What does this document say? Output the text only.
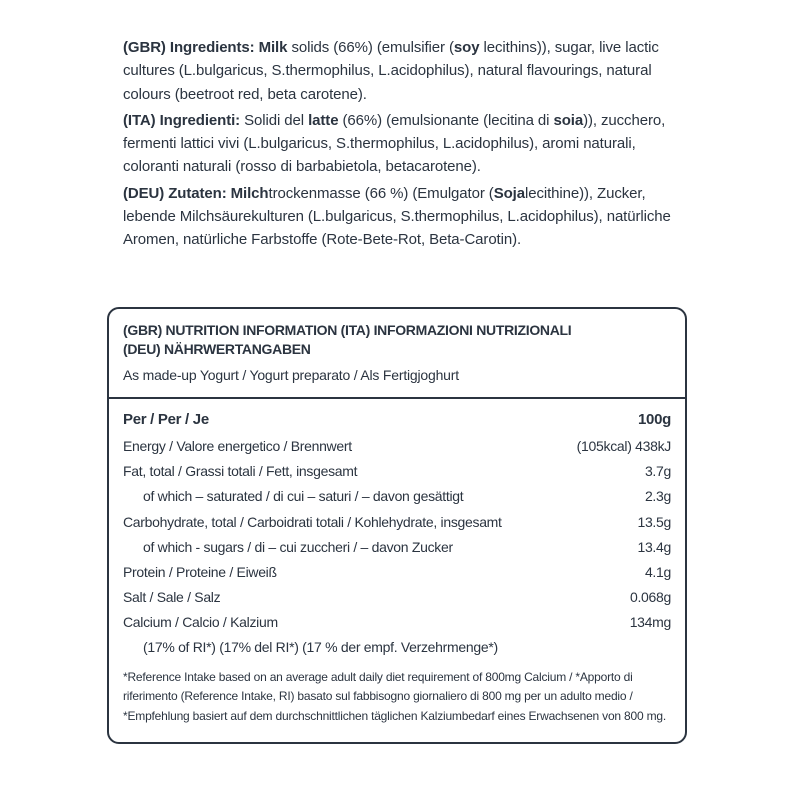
(GBR) Ingredients: Milk solids (66%) (emulsifier (soy lecithins)), sugar, live lactic cultures (L.bulgaricus, S.thermophilus, L.acidophilus), natural flavourings, natural colours (beetroot red, beta carotene).

(ITA) Ingredienti: Solidi del latte (66%) (emulsionante (lecitina di soia)), zucchero, fermenti lattici vivi (L.bulgaricus, S.thermophilus, L.acidophilus), aromi naturali, coloranti naturali (rosso di barbabietola, betacarotene).

(DEU) Zutaten: Milchtrockenmasse (66 %) (Emulgator (Sojalecithine)), Zucker, lebende Milchsäurekulturen (L.bulgaricus, S.thermophilus, L.acidophilus), natürliche Aromen, natürliche Farbstoffe (Rote-Bete-Rot, Beta-Carotin).

(GBR) NUTRITION INFORMATION (ITA) INFORMAZIONI NUTRIZIONALI

(DEU) NÄHRWERTANGABEN

As made-up Yogurt / Yogurt preparato / Als Fertigjoghurt

Per / Per / Je	100g
Energy / Valore energetico / Brennwert	(105kcal) 438kJ
Fat, total / Grassi totali / Fett, insgesamt	3.7g
of which – saturated / di cui – saturi / – davon gesättigt	2.3g
Carbohydrate, total / Carboidrati totali / Kohlehydrate, insgesamt	13.5g
of which - sugars / di – cui zuccheri / – davon Zucker	13.4g
Protein / Proteine / Eiweiß	4.1g
Salt / Sale / Salz	0.068g
Calcium / Calcio / Kalzium	134mg
(17% of RI*) (17% del RI*) (17 % der empf. Verzehrmenge*)
*Reference Intake based on an average adult daily diet requirement of 800mg Calcium / *Apporto di riferimento (Reference Intake, RI) basato sul fabbisogno giornaliero di 800 mg per un adulto medio / *Empfehlung basiert auf dem durchschnittlichen täglichen Kalziumbedarf eines Erwachsenen von 800 mg.
